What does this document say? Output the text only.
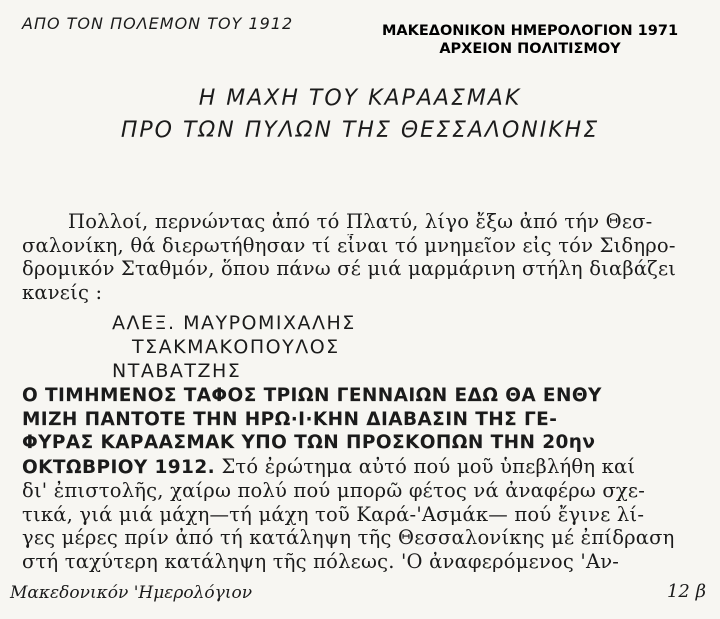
ΑΠΟ ΤΟΝ ΠΟΛΕΜΟΝ ΤΟΥ 1912	ΜΑΚΕΔΟΝΙΚΟΝ ΗΜΕΡΟΛΟΓΙΟΝ 1971
ΑΡΧΕΙΟΝ ΠΟΛΙΤΙΣΜΟΥ
Η ΜΑΧΗ ΤΟΥ ΚΑΡΑΑΣΜΑΚ
ΠΡΟ ΤΩΝ ΠΥΛΩΝ ΤΗΣ ΘΕΣΣΑΛΟΝΙΚΗΣ
Πολλοί, περνώντας ἀπό τό Πλατύ, λίγο ἔξω ἀπό τήν Θεσ-
σαλονίκη, θά διερωτήθησαν τί εἶναι τό μνημεῖον εἰς τόν Σιδηρο-
δρομικόν Σταθμόν, ὅπου πάνω σέ μιά μαρμάρινη στήλη διαβάζει
κανείς :
ΑΛΕΞ. ΜΑΥΡΟΜΙΧΑΛΗΣ
ΤΣΑΚΜΑΚΟΠΟΥΛΟΣ
ΝΤΑΒΑΤΖΗΣ
Ο ΤΙΜΗΜΕΝΟΣ ΤΑΦΟΣ ΤΡΙΩΝ ΓΕΝΝΑΙΩΝ ΕΔΩ ΘΑ ΕΝΘΥ
ΜΙΖΗ ΠΑΝΤΟΤΕ ΤΗΝ ΗΡΩ·Ι·ΚΗΝ ΔΙΑΒΑΣΙΝ ΤΗΣ ΓΕ-
ΦΥΡΑΣ ΚΑΡΑΑΣΜΑΚ ΥΠΟ ΤΩΝ ΠΡΟΣΚΟΠΩΝ ΤΗΝ 20ην
ΟΚΤΩΒΡΙΟΥ 1912. Στό ἐρώτημα αὐτό πού μοῦ ὑπεβλήθη καί
δι' ἐπιστολῆς, χαίρω πολύ πού μπορῶ φέτος νά ἀναφέρω σχε-
τικά, γιά μιά μάχη—τή μάχη τοῦ Καρά-'Ασμάκ— πού ἔγινε λί-
γες μέρες πρίν ἀπό τή κατάληψη τῆς Θεσσαλονίκης μέ ἐπίδραση
στή ταχύτερη κατάληψη τῆς πόλεως. 'Ο ἀναφερόμενος 'Αν-
Μακεδονικόν 'Ημερολόγιον	12 β
